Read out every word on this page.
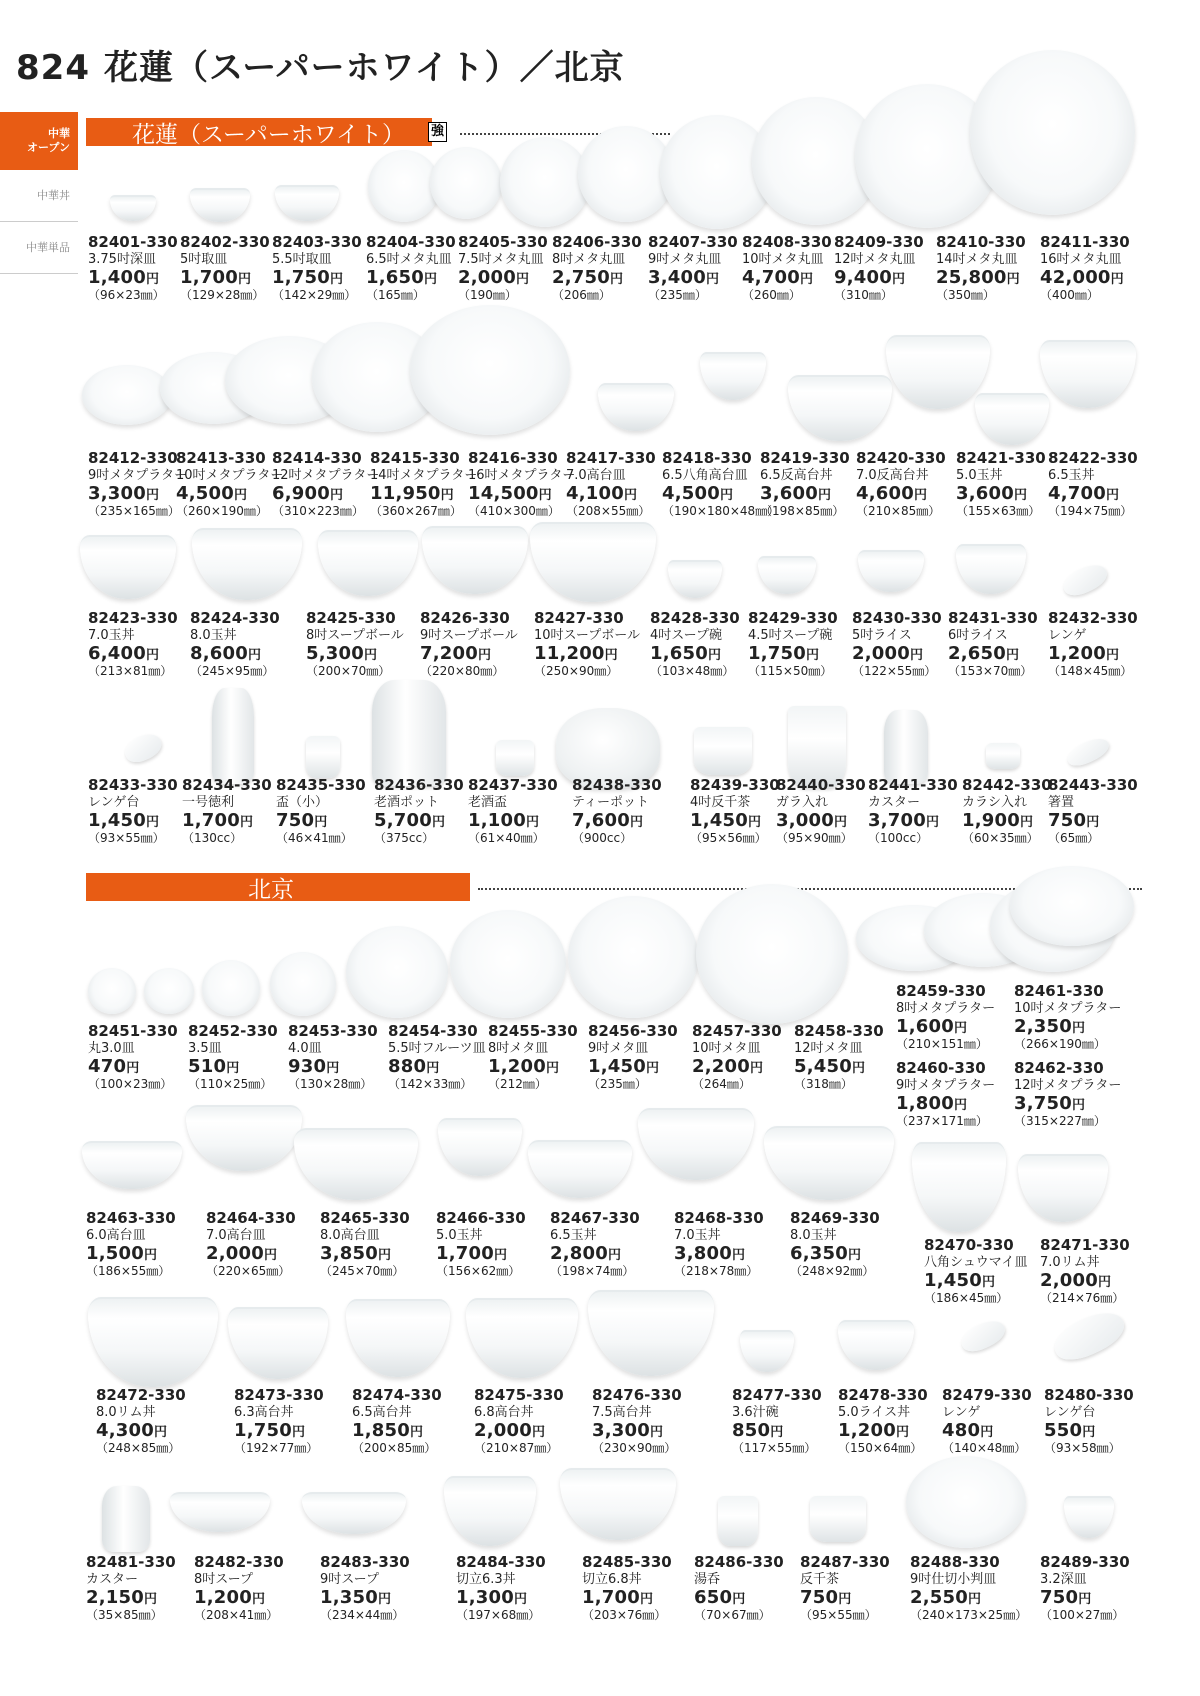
824 花蓮（スーパーホワイト）／北京
中華
オープン
中華丼
中華単品
花蓮（スーパーホワイト） 強
北京
82401-330
3.75吋深皿
1,400円
（96×23㎜）
82402-330
5吋取皿
1,700円
（129×28㎜）
82403-330
5.5吋取皿
1,750円
（142×29㎜）
82404-330
6.5吋メタ丸皿
1,650円
（165㎜）
82405-330
7.5吋メタ丸皿
2,000円
（190㎜）
82406-330
8吋メタ丸皿
2,750円
（206㎜）
82407-330
9吋メタ丸皿
3,400円
（235㎜）
82408-330
10吋メタ丸皿
4,700円
（260㎜）
82409-330
12吋メタ丸皿
9,400円
（310㎜）
82410-330
14吋メタ丸皿
25,800円
（350㎜）
82411-330
16吋メタ丸皿
42,000円
（400㎜）
82412-330
9吋メタプラター
3,300円
（235×165㎜）
82413-330
10吋メタプラター
4,500円
（260×190㎜）
82414-330
12吋メタプラター
6,900円
（310×223㎜）
82415-330
14吋メタプラター
11,950円
（360×267㎜）
82416-330
16吋メタプラター
14,500円
（410×300㎜）
82417-330
7.0高台皿
4,100円
（208×55㎜）
82418-330
6.5八角高台皿
4,500円
（190×180×48㎜）
82419-330
6.5反高台丼
3,600円
（198×85㎜）
82420-330
7.0反高台丼
4,600円
（210×85㎜）
82421-330
5.0玉丼
3,600円
（155×63㎜）
82422-330
6.5玉丼
4,700円
（194×75㎜）
82423-330
7.0玉丼
6,400円
（213×81㎜）
82424-330
8.0玉丼
8,600円
（245×95㎜）
82425-330
8吋スープボール
5,300円
（200×70㎜）
82426-330
9吋スープボール
7,200円
（220×80㎜）
82427-330
10吋スープボール
11,200円
（250×90㎜）
82428-330
4吋スープ碗
1,650円
（103×48㎜）
82429-330
4.5吋スープ碗
1,750円
（115×50㎜）
82430-330
5吋ライス
2,000円
（122×55㎜）
82431-330
6吋ライス
2,650円
（153×70㎜）
82432-330
レンゲ
1,200円
（148×45㎜）
82433-330
レンゲ台
1,450円
（93×55㎜）
82434-330
一号徳利
1,700円
（130cc）
82435-330
盃（小）
750円
（46×41㎜）
82436-330
老酒ポット
5,700円
（375cc）
82437-330
老酒盃
1,100円
（61×40㎜）
82438-330
ティーポット
7,600円
（900cc）
82439-330
4吋反千茶
1,450円
（95×56㎜）
82440-330
ガラ入れ
3,000円
（95×90㎜）
82441-330
カスター
3,700円
（100cc）
82442-330
カラシ入れ
1,900円
（60×35㎜）
82443-330
箸置
750円
（65㎜）
82451-330
丸3.0皿
470円
（100×23㎜）
82452-330
3.5皿
510円
（110×25㎜）
82453-330
4.0皿
930円
（130×28㎜）
82454-330
5.5吋フルーツ皿
880円
（142×33㎜）
82455-330
8吋メタ皿
1,200円
（212㎜）
82456-330
9吋メタ皿
1,450円
（235㎜）
82457-330
10吋メタ皿
2,200円
（264㎜）
82458-330
12吋メタ皿
5,450円
（318㎜）
82459-330
8吋メタプラター
1,600円
（210×151㎜）
82461-330
10吋メタプラター
2,350円
（266×190㎜）
82460-330
9吋メタプラター
1,800円
（237×171㎜）
82462-330
12吋メタプラター
3,750円
（315×227㎜）
82463-330
6.0高台皿
1,500円
（186×55㎜）
82464-330
7.0高台皿
2,000円
（220×65㎜）
82465-330
8.0高台皿
3,850円
（245×70㎜）
82466-330
5.0玉丼
1,700円
（156×62㎜）
82467-330
6.5玉丼
2,800円
（198×74㎜）
82468-330
7.0玉丼
3,800円
（218×78㎜）
82469-330
8.0玉丼
6,350円
（248×92㎜）
82470-330
八角シュウマイ皿
1,450円
（186×45㎜）
82471-330
7.0リム丼
2,000円
（214×76㎜）
82472-330
8.0リム丼
4,300円
（248×85㎜）
82473-330
6.3高台丼
1,750円
（192×77㎜）
82474-330
6.5高台丼
1,850円
（200×85㎜）
82475-330
6.8高台丼
2,000円
（210×87㎜）
82476-330
7.5高台丼
3,300円
（230×90㎜）
82477-330
3.6汁碗
850円
（117×55㎜）
82478-330
5.0ライス丼
1,200円
（150×64㎜）
82479-330
レンゲ
480円
（140×48㎜）
82480-330
レンゲ台
550円
（93×58㎜）
82481-330
カスター
2,150円
（35×85㎜）
82482-330
8吋スープ
1,200円
（208×41㎜）
82483-330
9吋スープ
1,350円
（234×44㎜）
82484-330
切立6.3丼
1,300円
（197×68㎜）
82485-330
切立6.8丼
1,700円
（203×76㎜）
82486-330
湯呑
650円
（70×67㎜）
82487-330
反千茶
750円
（95×55㎜）
82488-330
9吋仕切小判皿
2,550円
（240×173×25㎜）
82489-330
3.2深皿
750円
（100×27㎜）
